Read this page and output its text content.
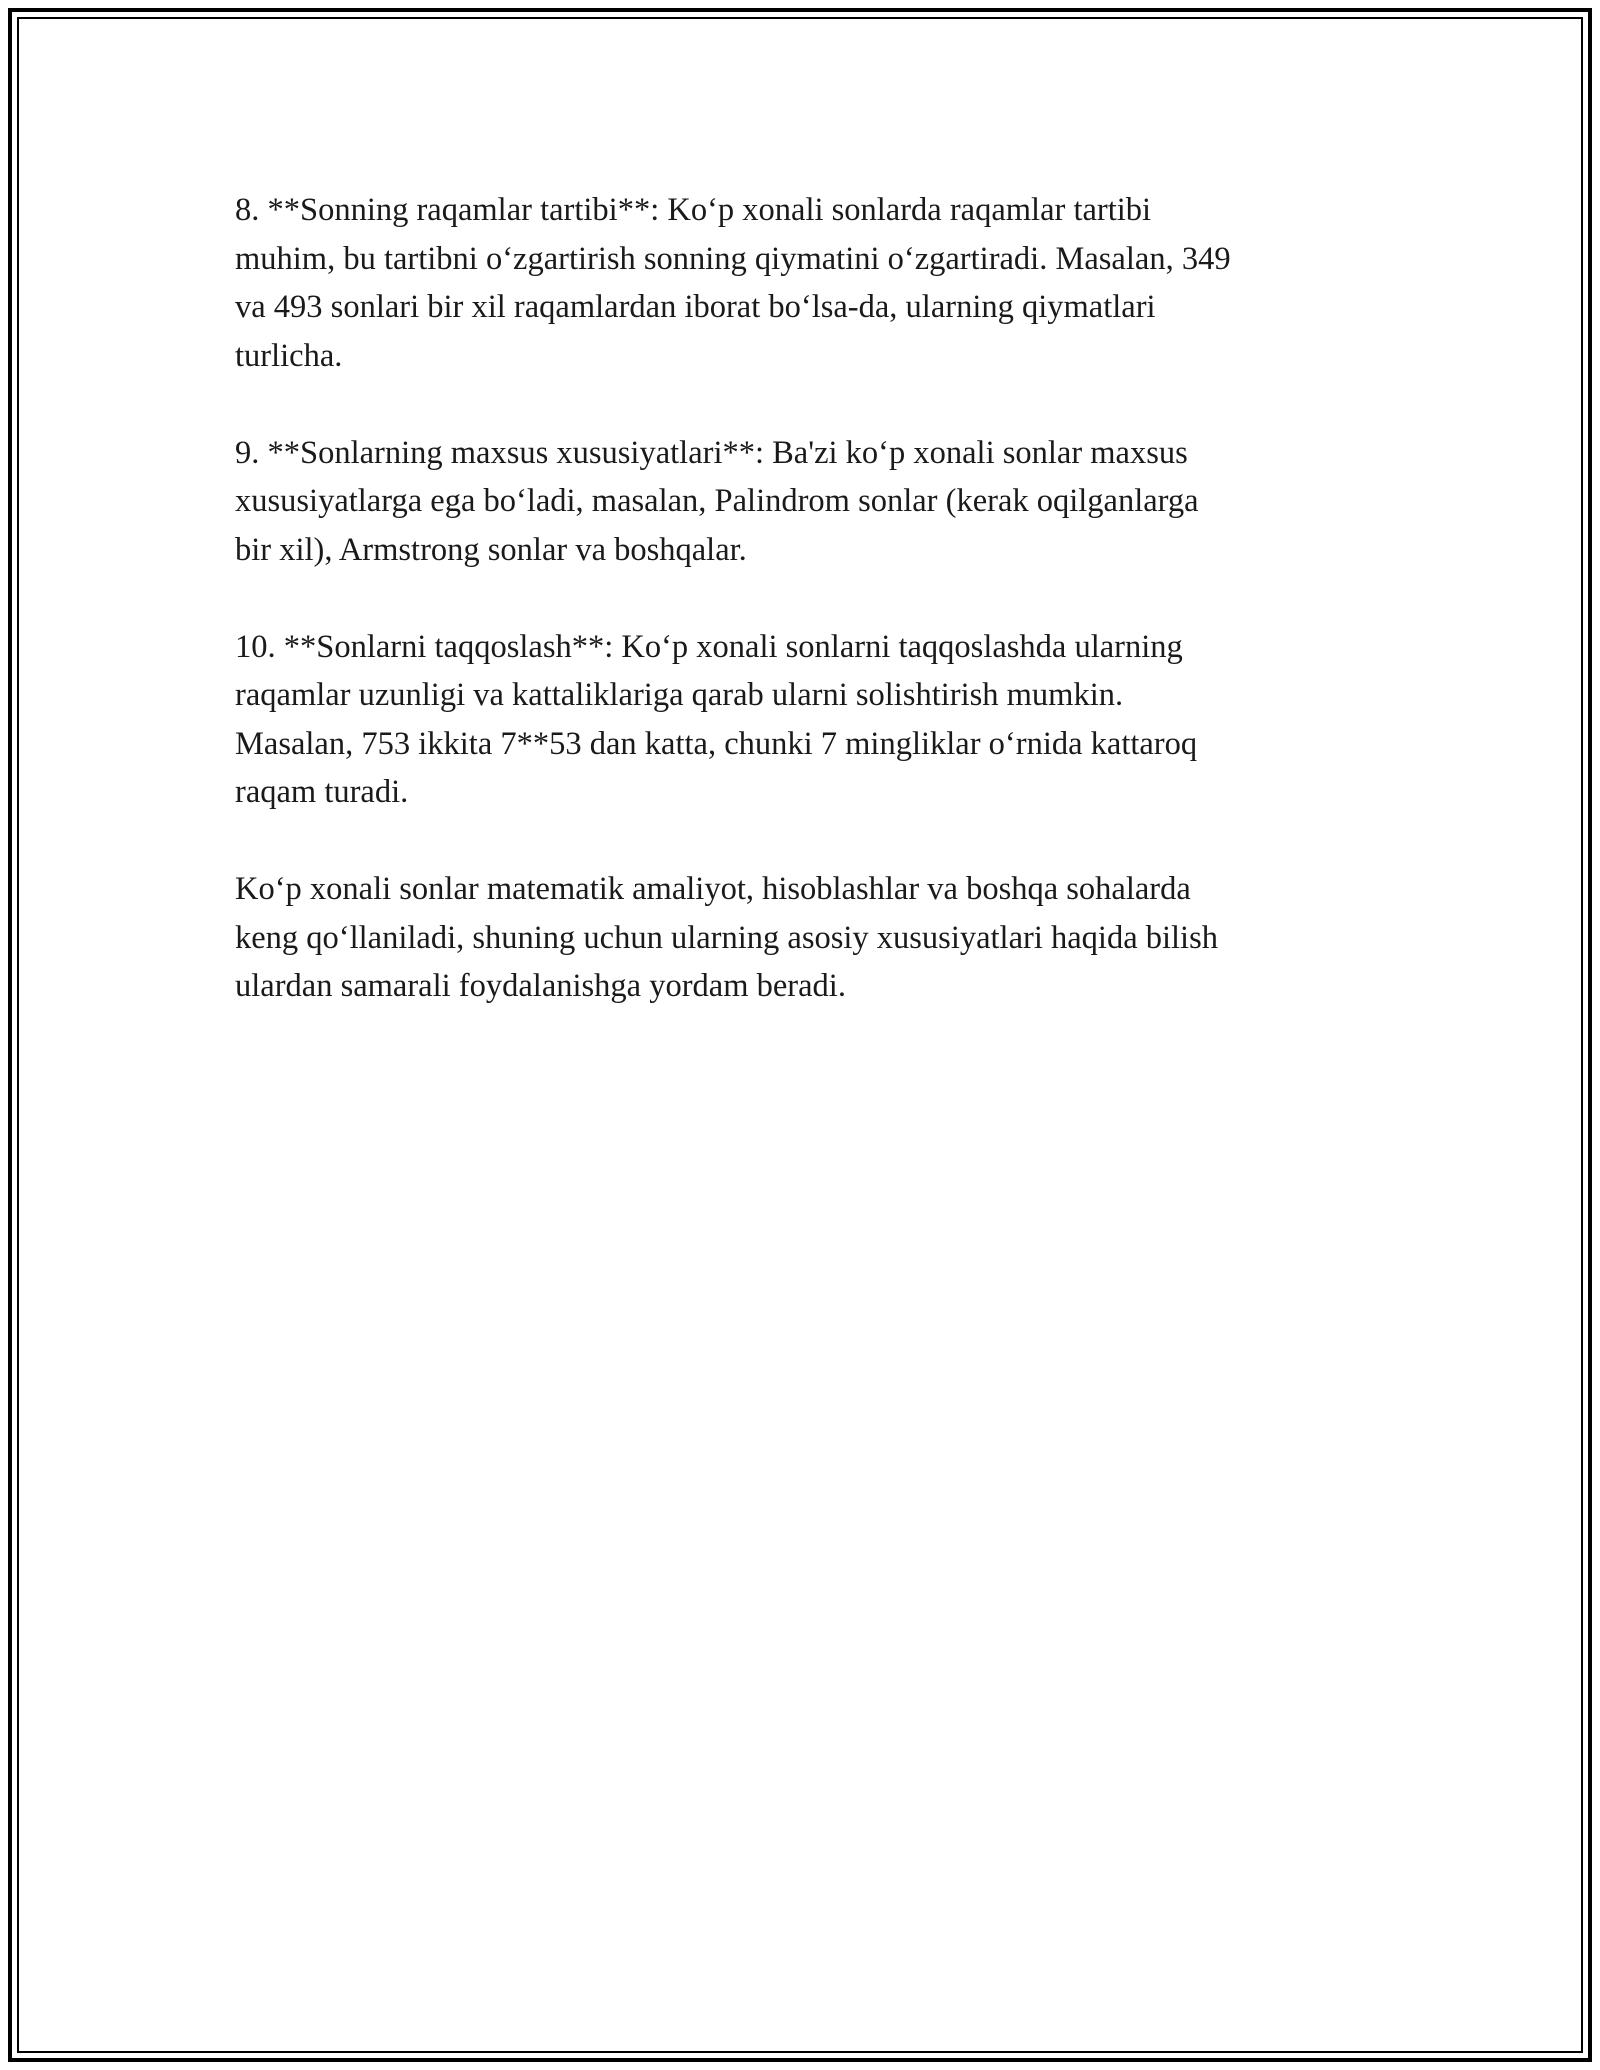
8. **Sonning raqamlar tartibi**: Ko‘p xonali sonlarda raqamlar tartibi
muhim, bu tartibni o‘zgartirish sonning qiymatini o‘zgartiradi. Masalan, 349
va 493 sonlari bir xil raqamlardan iborat bo‘lsa-da, ularning qiymatlari
turlicha.

9. **Sonlarning maxsus xususiyatlari**: Ba'zi ko‘p xonali sonlar maxsus
xususiyatlarga ega bo‘ladi, masalan, Palindrom sonlar (kerak oqilganlarga
bir xil), Armstrong sonlar va boshqalar.

10. **Sonlarni taqqoslash**: Ko‘p xonali sonlarni taqqoslashda ularning
raqamlar uzunligi va kattaliklariga qarab ularni solishtirish mumkin.
Masalan, 753 ikkita 7**53 dan katta, chunki 7 mingliklar o‘rnida kattaroq
raqam turadi.

Ko‘p xonali sonlar matematik amaliyot, hisoblashlar va boshqa sohalarda
keng qo‘llaniladi, shuning uchun ularning asosiy xususiyatlari haqida bilish
ulardan samarali foydalanishga yordam beradi.
